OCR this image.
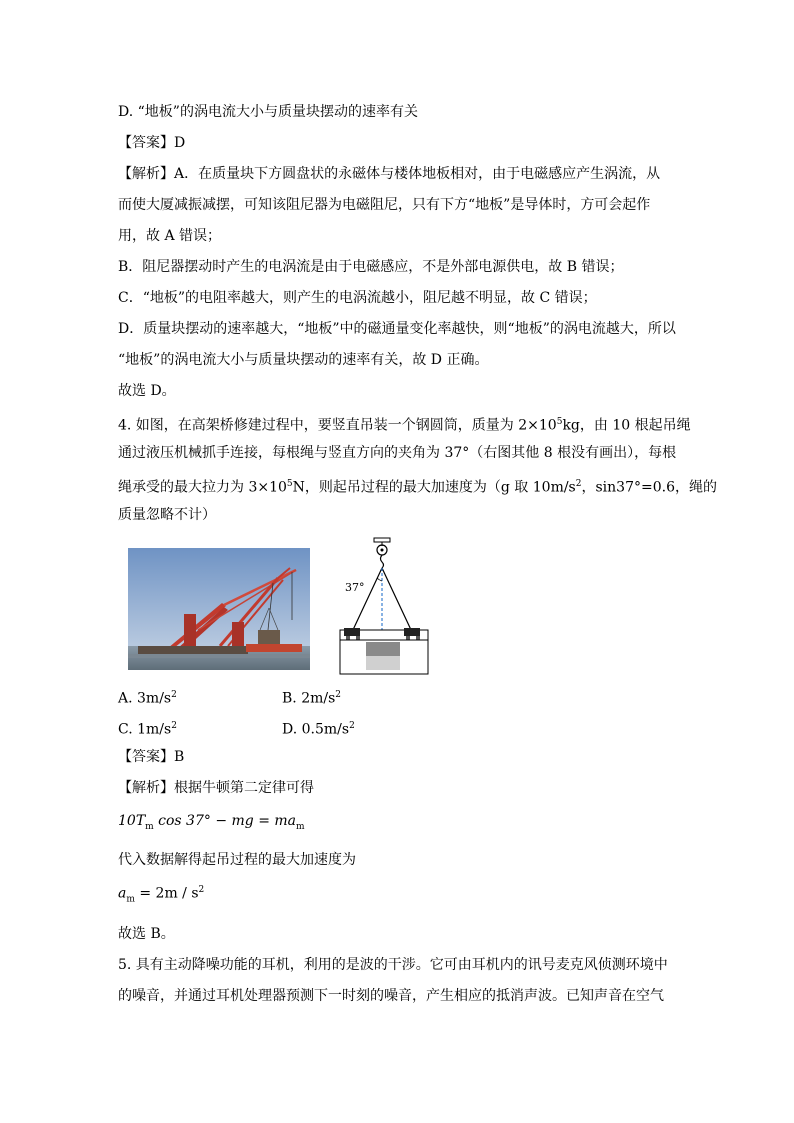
D. “地板”的涡电流大小与质量块摆动的速率有关
【答案】D
【解析】A．在质量块下方圆盘状的永磁体与楼体地板相对，由于电磁感应产生涡流，从
而使大厦减振减摆，可知该阻尼器为电磁阻尼，只有下方“地板”是导体时，方可会起作
用，故 A 错误；
B．阻尼器摆动时产生的电涡流是由于电磁感应，不是外部电源供电，故 B 错误；
C．“地板”的电阻率越大，则产生的电涡流越小，阻尼越不明显，故 C 错误；
D．质量块摆动的速率越大，“地板”中的磁通量变化率越快，则“地板”的涡电流越大，所以
“地板”的涡电流大小与质量块摆动的速率有关，故 D 正确。
故选 D。
4. 如图，在高架桥修建过程中，要竖直吊装一个钢圆筒，质量为 $2\times 10^5kg$，由 10 根起吊绳
通过液压机械抓手连接，每根绳与竖直方向的夹角为 37°（右图其他 8 根没有画出），每根
绳承受的最大拉力为 $3\times 10^5N$，则起吊过程的最大加速度为（g 取 $10m/s^2$，sin37°=0.6，绳的
质量忽略不计）
37°
A. $3m/s^2$	B. $2m/s^2$
C. $1m/s^2$	D. $0.5m/s^2$
【答案】B
【解析】根据牛顿第二定律可得
$10T_m$ cos 37° − mg = $ma_m$
代入数据解得起吊过程的最大加速度为
$a_m = 2m / s^2$
故选 B。
5. 具有主动降噪功能的耳机，利用的是波的干涉。它可由耳机内的讯号麦克风侦测环境中
的噪音，并通过耳机处理器预测下一时刻的噪音，产生相应的抵消声波。已知声音在空气
